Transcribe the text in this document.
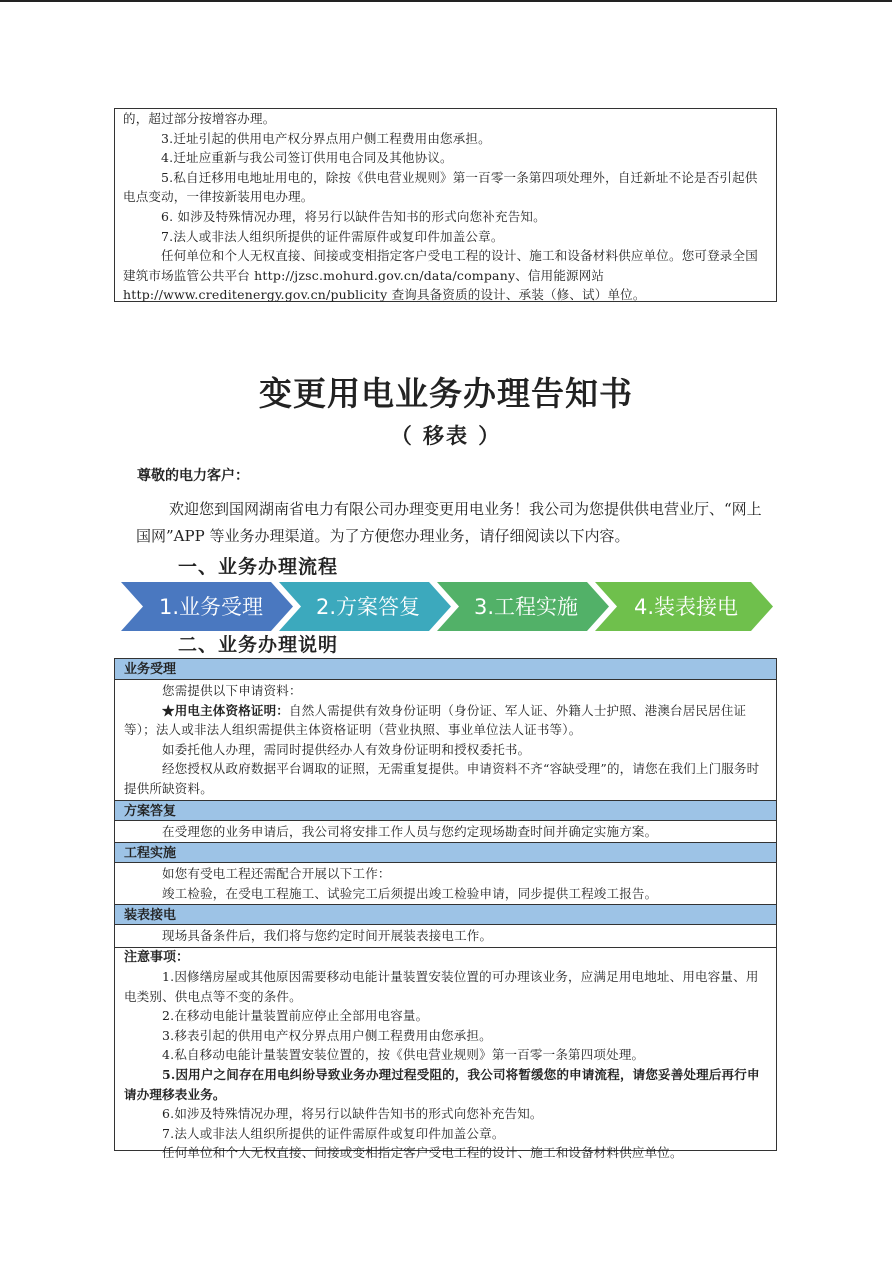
的，超过部分按增容办理。

3.迁址引起的供用电产权分界点用户侧工程费用由您承担。

4.迁址应重新与我公司签订供用电合同及其他协议。

5.私自迁移用电地址用电的，除按《供电营业规则》第一百零一条第四项处理外，自迁新址不论是否引起供电点变动，一律按新装用电办理。

6. 如涉及特殊情况办理，将另行以缺件告知书的形式向您补充告知。

7.法人或非法人组织所提供的证件需原件或复印件加盖公章。

任何单位和个人无权直接、间接或变相指定客户受电工程的设计、施工和设备材料供应单位。您可登录全国建筑市场监管公共平台 http://jzsc.mohurd.gov.cn/data/company、信用能源网站 http://www.creditenergy.gov.cn/publicity 查询具备资质的设计、承装（修、试）单位。

变更用电业务办理告知书
（ 移表 ）
尊敬的电力客户：

欢迎您到国网湖南省电力有限公司办理变更用电业务！我公司为您提供供电营业厅、“网上国网”APP 等业务办理渠道。为了方便您办理业务，请仔细阅读以下内容。

一、业务办理流程
1.业务受理	2.方案答复	3.工程实施	4.装表接电
二、业务办理说明
业务受理

您需提供以下申请资料：

★用电主体资格证明：自然人需提供有效身份证明（身份证、军人证、外籍人士护照、港澳台居民居住证等）；法人或非法人组织需提供主体资格证明（营业执照、事业单位法人证书等）。

如委托他人办理，需同时提供经办人有效身份证明和授权委托书。

经您授权从政府数据平台调取的证照，无需重复提供。申请资料不齐“容缺受理”的，请您在我们上门服务时提供所缺资料。

方案答复

在受理您的业务申请后，我公司将安排工作人员与您约定现场勘查时间并确定实施方案。

工程实施

如您有受电工程还需配合开展以下工作：

竣工检验，在受电工程施工、试验完工后须提出竣工检验申请，同步提供工程竣工报告。

装表接电

现场具备条件后，我们将与您约定时间开展装表接电工作。

注意事项：

1.因修缮房屋或其他原因需要移动电能计量装置安装位置的可办理该业务，应满足用电地址、用电容量、用电类别、供电点等不变的条件。

2.在移动电能计量装置前应停止全部用电容量。

3.移表引起的供用电产权分界点用户侧工程费用由您承担。

4.私自移动电能计量装置安装位置的，按《供电营业规则》第一百零一条第四项处理。

5.因用户之间存在用电纠纷导致业务办理过程受阻的，我公司将暂缓您的申请流程，请您妥善处理后再行申请办理移表业务。

6.如涉及特殊情况办理，将另行以缺件告知书的形式向您补充告知。

7.法人或非法人组织所提供的证件需原件或复印件加盖公章。

任何单位和个人无权直接、间接或变相指定客户受电工程的设计、施工和设备材料供应单位。
